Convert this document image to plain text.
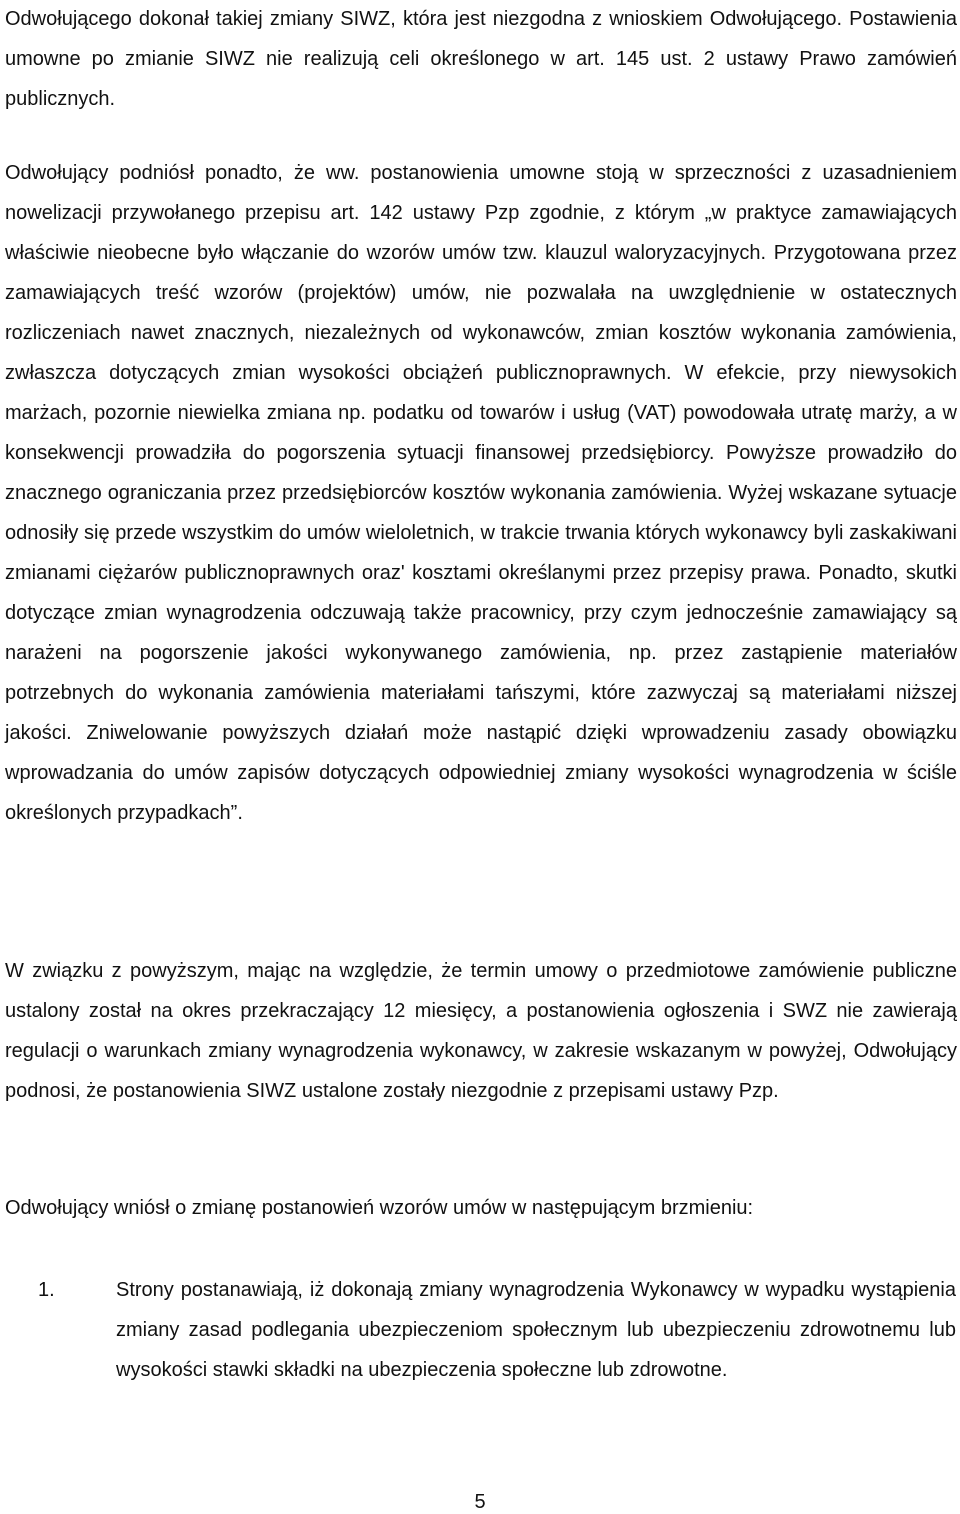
Odwołującego dokonał takiej zmiany SIWZ, która jest niezgodna z wnioskiem Odwołującego. Postawienia umowne po zmianie SIWZ nie realizują celi określonego w art. 145 ust. 2 ustawy Prawo zamówień publicznych.

Odwołujący podniósł ponadto, że ww. postanowienia umowne stoją w sprzeczności z uzasadnieniem nowelizacji przywołanego przepisu art. 142 ustawy Pzp zgodnie, z którym „w praktyce zamawiających właściwie nieobecne było włączanie do wzorów umów tzw. klauzul waloryzacyjnych. Przygotowana przez zamawiających treść wzorów (projektów) umów, nie pozwalała na uwzględnienie w ostatecznych rozliczeniach nawet znacznych, niezależnych od wykonawców, zmian kosztów wykonania zamówienia, zwłaszcza dotyczących zmian wysokości obciążeń publicznoprawnych. W efekcie, przy niewysokich marżach, pozornie niewielka zmiana np. podatku od towarów i usług (VAT) powodowała utratę marży, a w konsekwencji prowadziła do pogorszenia sytuacji finansowej przedsiębiorcy. Powyższe prowadziło do znacznego ograniczania przez przedsiębiorców kosztów wykonania zamówienia. Wyżej wskazane sytuacje odnosiły się przede wszystkim do umów wieloletnich, w trakcie trwania których wykonawcy byli zaskakiwani zmianami ciężarów publicznoprawnych oraz' kosztami określanymi przez przepisy prawa. Ponadto, skutki dotyczące zmian wynagrodzenia odczuwają także pracownicy, przy czym jednocześnie zamawiający są narażeni na pogorszenie jakości wykonywanego zamówienia, np. przez zastąpienie materiałów potrzebnych do wykonania zamówienia materiałami tańszymi, które zazwyczaj są materiałami niższej jakości. Zniwelowanie powyższych działań może nastąpić dzięki wprowadzeniu zasady obowiązku wprowadzania do umów zapisów dotyczących odpowiedniej zmiany wysokości wynagrodzenia w ściśle określonych przypadkach”.

W związku z powyższym, mając na względzie, że termin umowy o przedmiotowe zamówienie publiczne ustalony został na okres przekraczający 12 miesięcy, a postanowienia ogłoszenia i SWZ nie zawierają regulacji o warunkach zmiany wynagrodzenia wykonawcy, w zakresie wskazanym w powyżej, Odwołujący podnosi, że postanowienia SIWZ ustalone zostały niezgodnie z przepisami ustawy Pzp.

Odwołujący wniósł o zmianę postanowień wzorów umów w następującym brzmieniu:

1.	Strony postanawiają, iż dokonają zmiany wynagrodzenia Wykonawcy w wypadku wystąpienia zmiany zasad podlegania ubezpieczeniom społecznym lub ubezpieczeniu zdrowotnemu lub wysokości stawki składki na ubezpieczenia społeczne lub zdrowotne.
5
